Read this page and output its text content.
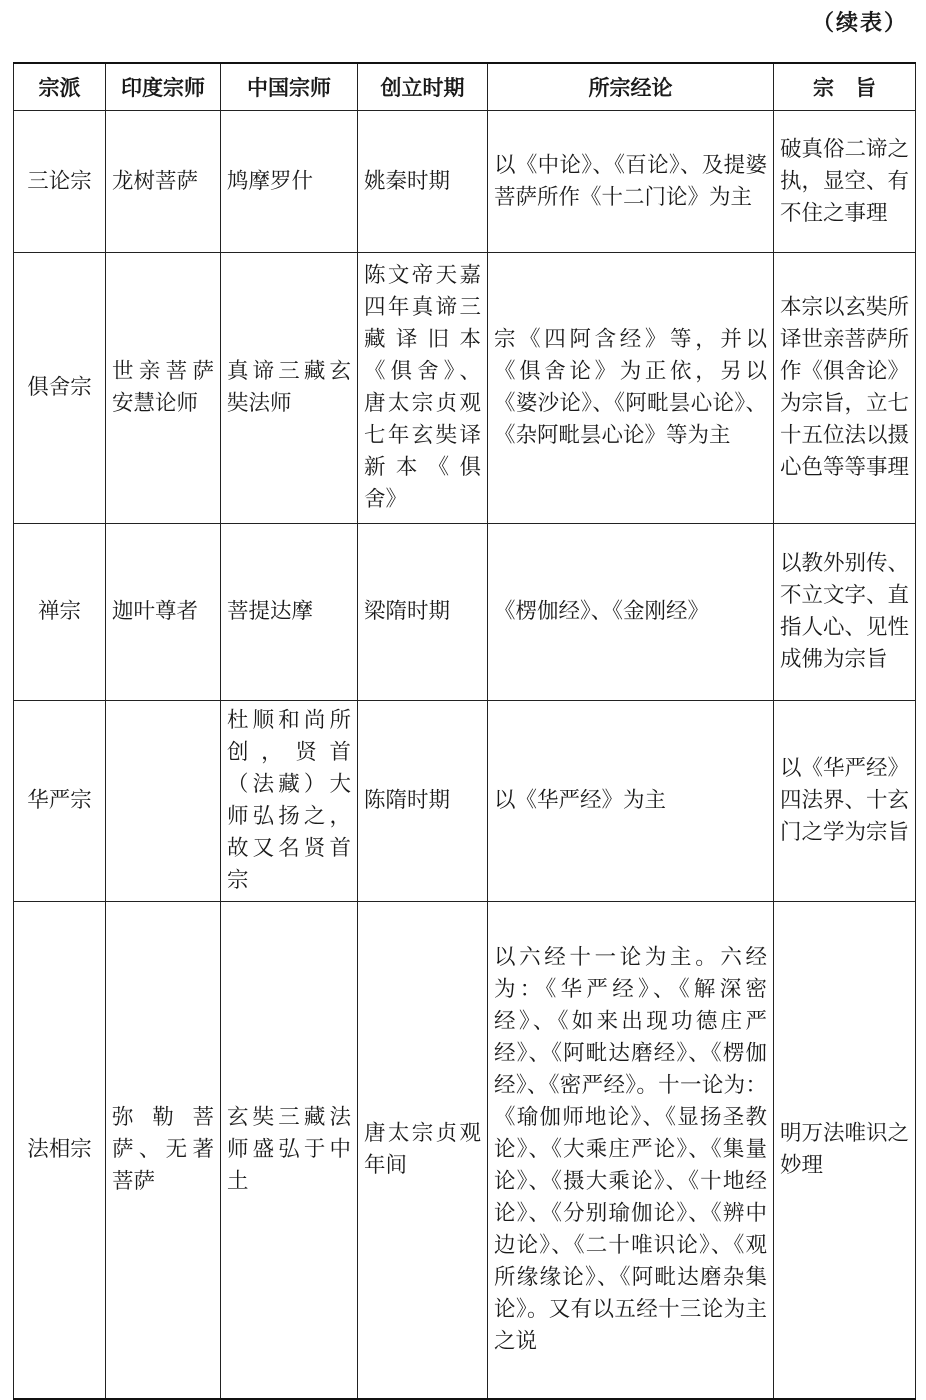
（续表）
宗派	印度宗师	中国宗师	创立时期	所宗经论	宗　旨
三论宗	龙树菩萨	鸠摩罗什	姚秦时期	以《中论》、《百论》、及提婆菩萨所作《十二门论》为主	破真俗二谛之执，显空、有不住之事理
俱舍宗	世亲菩萨安慧论师	真谛三藏玄奘法师	陈文帝天嘉四年真谛三藏译旧本《俱舍》、唐太宗贞观七年玄奘译新本《俱舍》	宗《四阿含经》等，并以《俱舍论》为正依，另以《婆沙论》、《阿毗昙心论》、《杂阿毗昙心论》等为主	本宗以玄奘所译世亲菩萨所作《俱舍论》为宗旨，立七十五位法以摄心色等等事理
禅宗	迦叶尊者	菩提达摩	梁隋时期	《楞伽经》、《金刚经》	以教外别传、不立文字、直指人心、见性成佛为宗旨
华严宗		杜顺和尚所创，贤首（法藏）大师弘扬之，故又名贤首宗	陈隋时期	以《华严经》为主	以《华严经》四法界、十玄门之学为宗旨
法相宗	弥勒菩萨、无著菩萨	玄奘三藏法师盛弘于中土	唐太宗贞观年间	以六经十一论为主。六经为：《华严经》、《解深密经》、《如来出现功德庄严经》、《阿毗达磨经》、《楞伽经》、《密严经》。十一论为：《瑜伽师地论》、《显扬圣教论》、《大乘庄严论》、《集量论》、《摄大乘论》、《十地经论》、《分别瑜伽论》、《辨中边论》、《二十唯识论》、《观所缘缘论》、《阿毗达磨杂集论》。又有以五经十三论为主之说	明万法唯识之妙理
